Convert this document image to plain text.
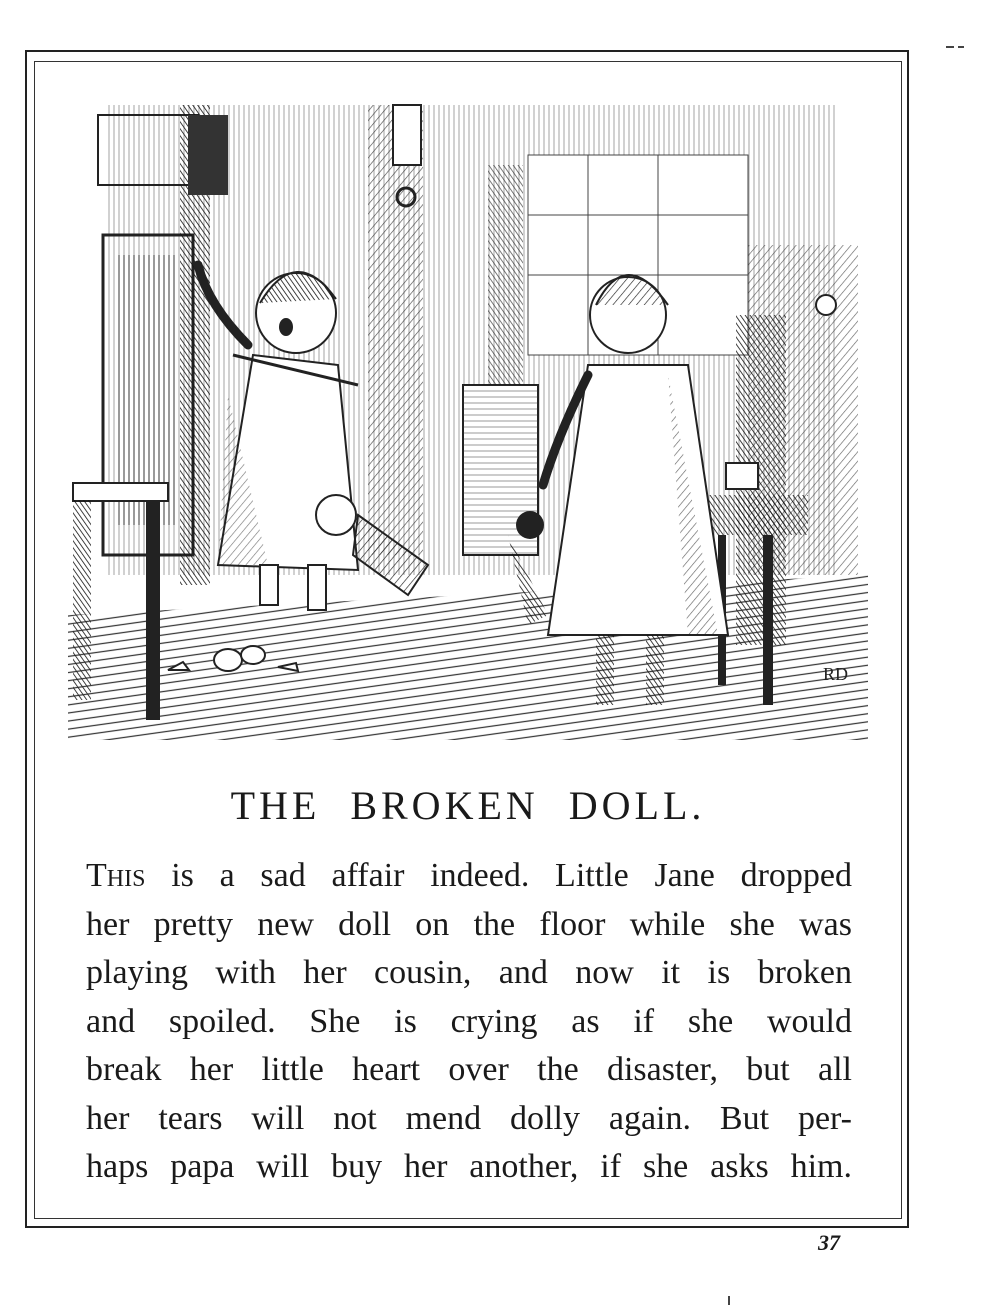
RD
THE BROKEN DOLL.

This is a sad affair indeed. Little Jane dropped
her pretty new doll on the floor while she was
playing with her cousin, and now it is broken
and spoiled. She is crying as if she would
break her little heart over the disaster, but all
her tears will not mend dolly again. But per-
haps papa will buy her another, if she asks him.

37
